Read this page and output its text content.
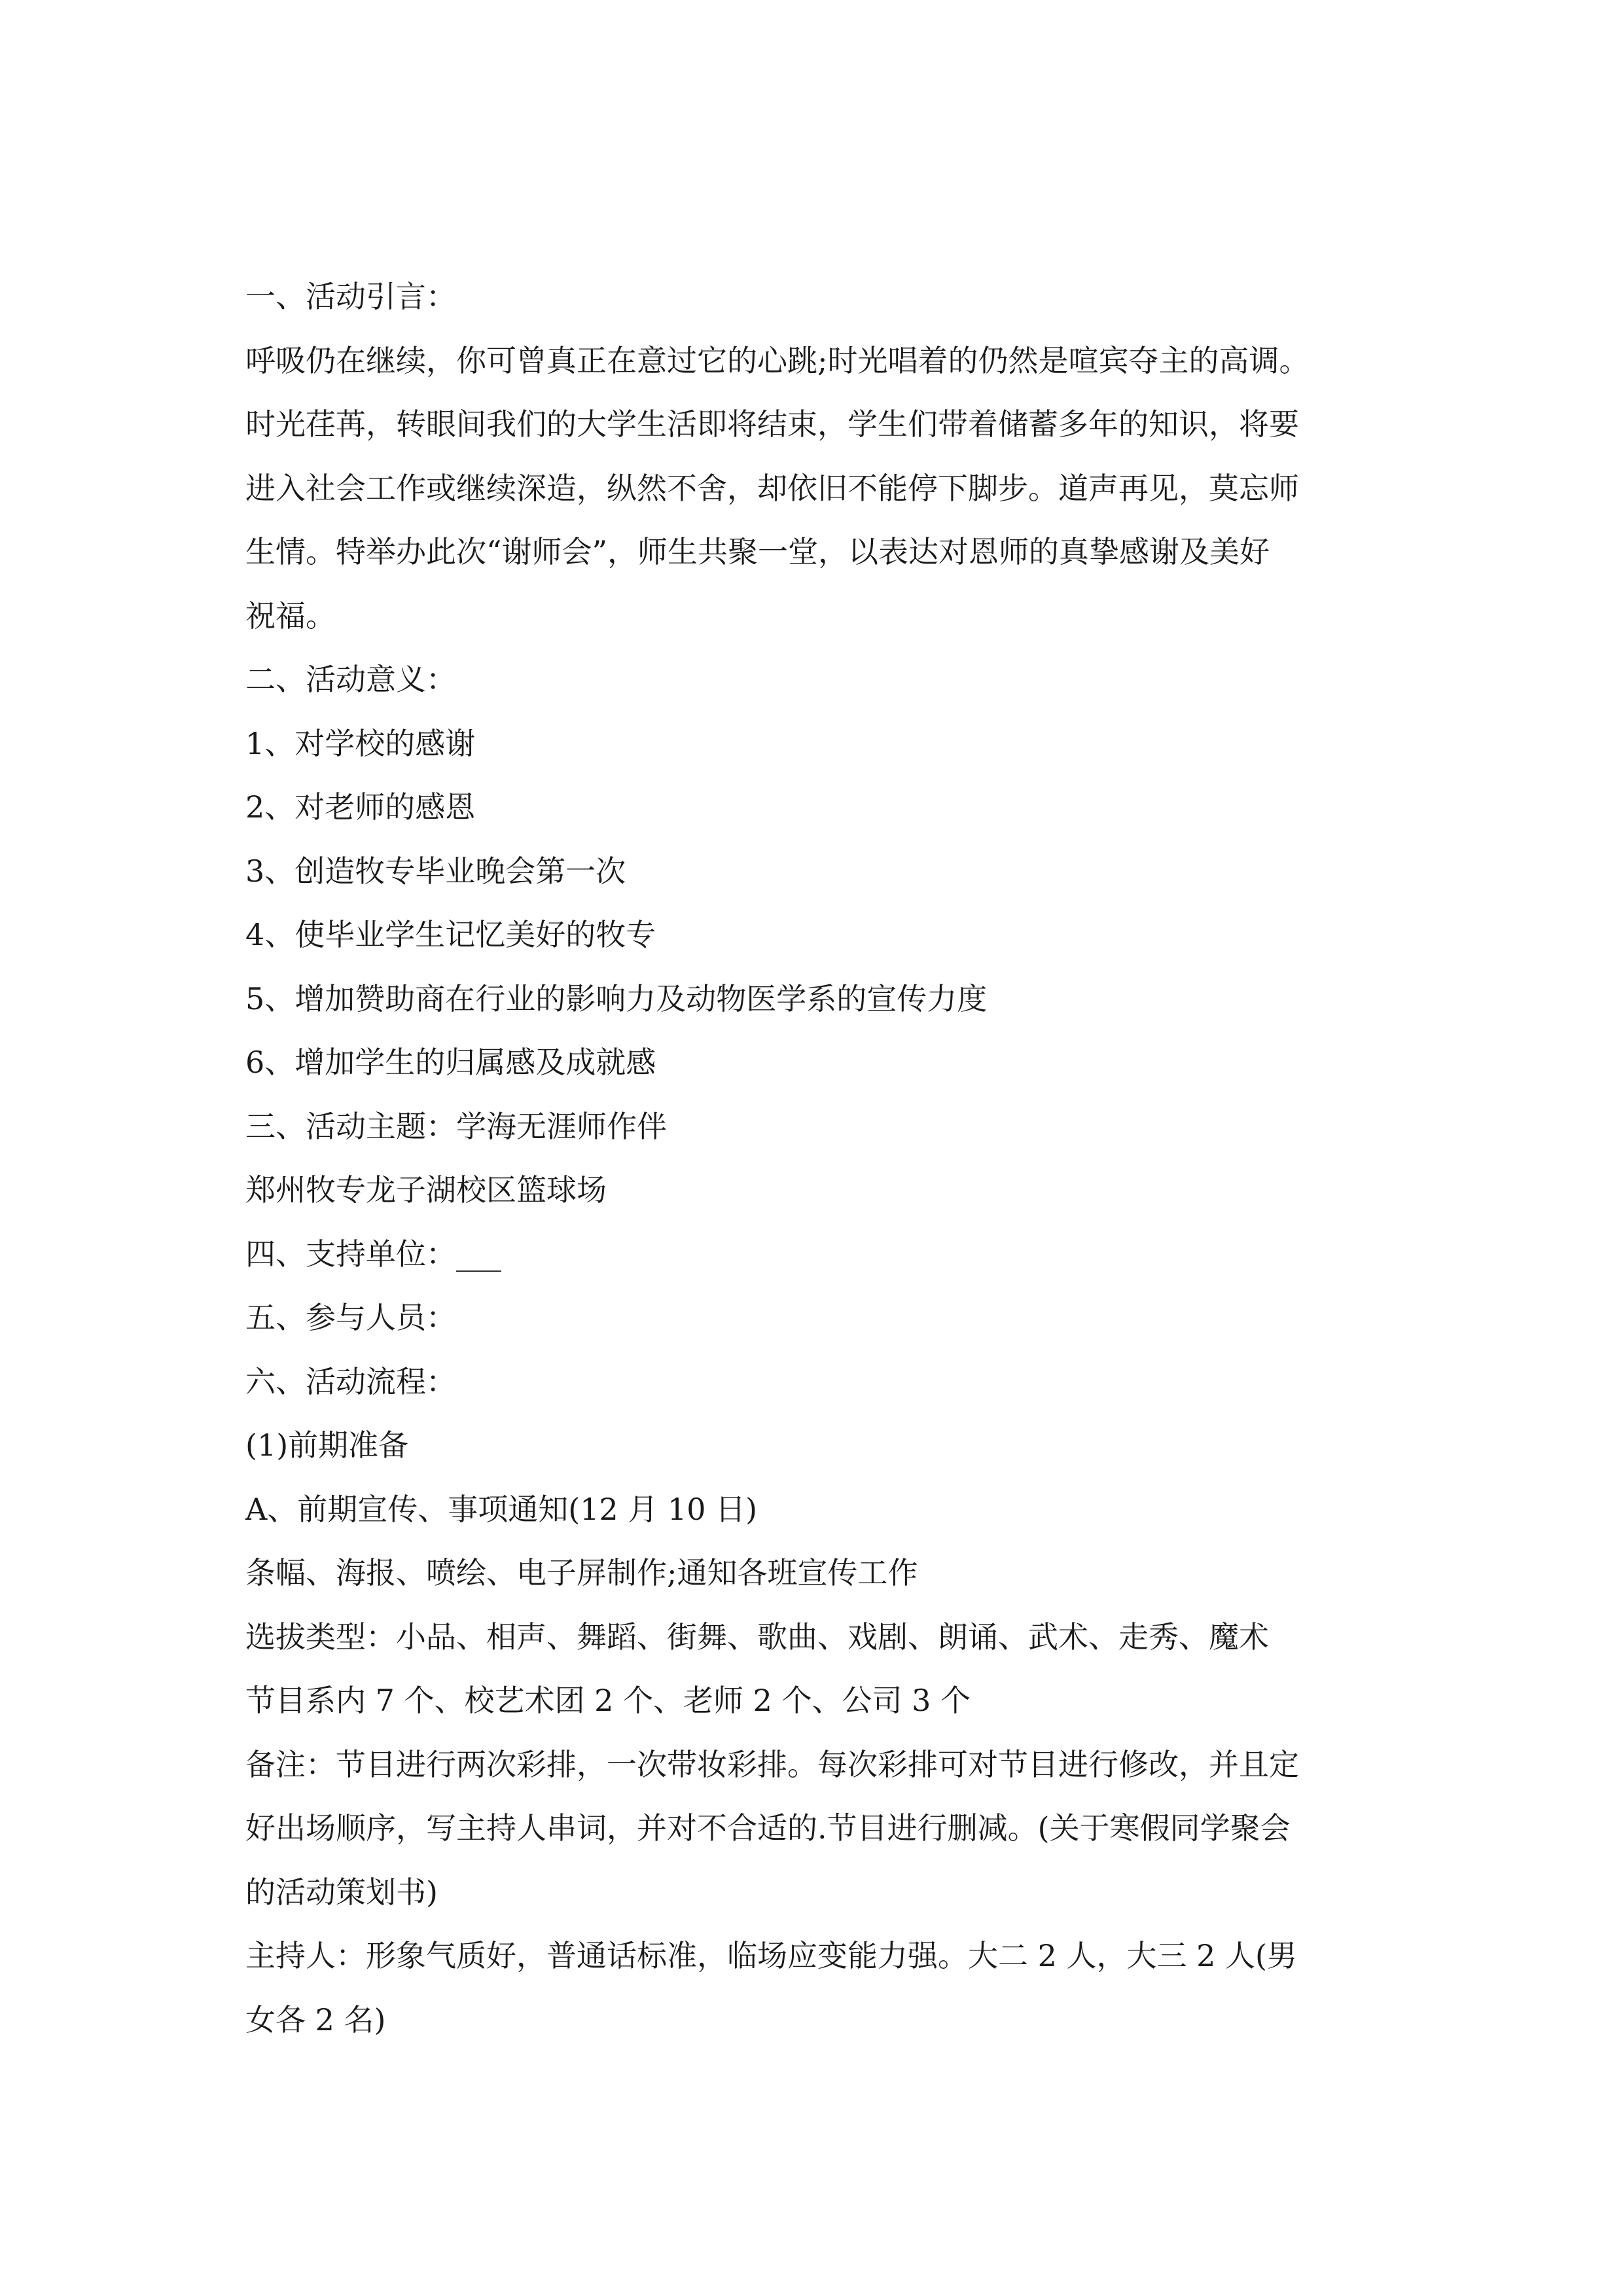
一、活动引言：

呼吸仍在继续，你可曾真正在意过它的心跳;时光唱着的仍然是喧宾夺主的高调。

时光荏苒，转眼间我们的大学生活即将结束，学生们带着储蓄多年的知识，将要

进入社会工作或继续深造，纵然不舍，却依旧不能停下脚步。道声再见，莫忘师

生情。特举办此次“谢师会”，师生共聚一堂，以表达对恩师的真挚感谢及美好

祝福。

二、活动意义：

1、对学校的感谢

2、对老师的感恩

3、创造牧专毕业晚会第一次

4、使毕业学生记忆美好的牧专

5、增加赞助商在行业的影响力及动物医学系的宣传力度

6、增加学生的归属感及成就感

三、活动主题：学海无涯师作伴

郑州牧专龙子湖校区篮球场

四、支持单位：___

五、参与人员：

六、活动流程：

(1)前期准备

A、前期宣传、事项通知(12 月 10 日)

条幅、海报、喷绘、电子屏制作;通知各班宣传工作

选拔类型：小品、相声、舞蹈、街舞、歌曲、戏剧、朗诵、武术、走秀、魔术

节目系内 7 个、校艺术团 2 个、老师 2 个、公司 3 个

备注：节目进行两次彩排，一次带妆彩排。每次彩排可对节目进行修改，并且定

好出场顺序，写主持人串词，并对不合适的.节目进行删减。(关于寒假同学聚会

的活动策划书)

主持人：形象气质好，普通话标准，临场应变能力强。大二 2 人，大三 2 人(男

女各 2 名)
